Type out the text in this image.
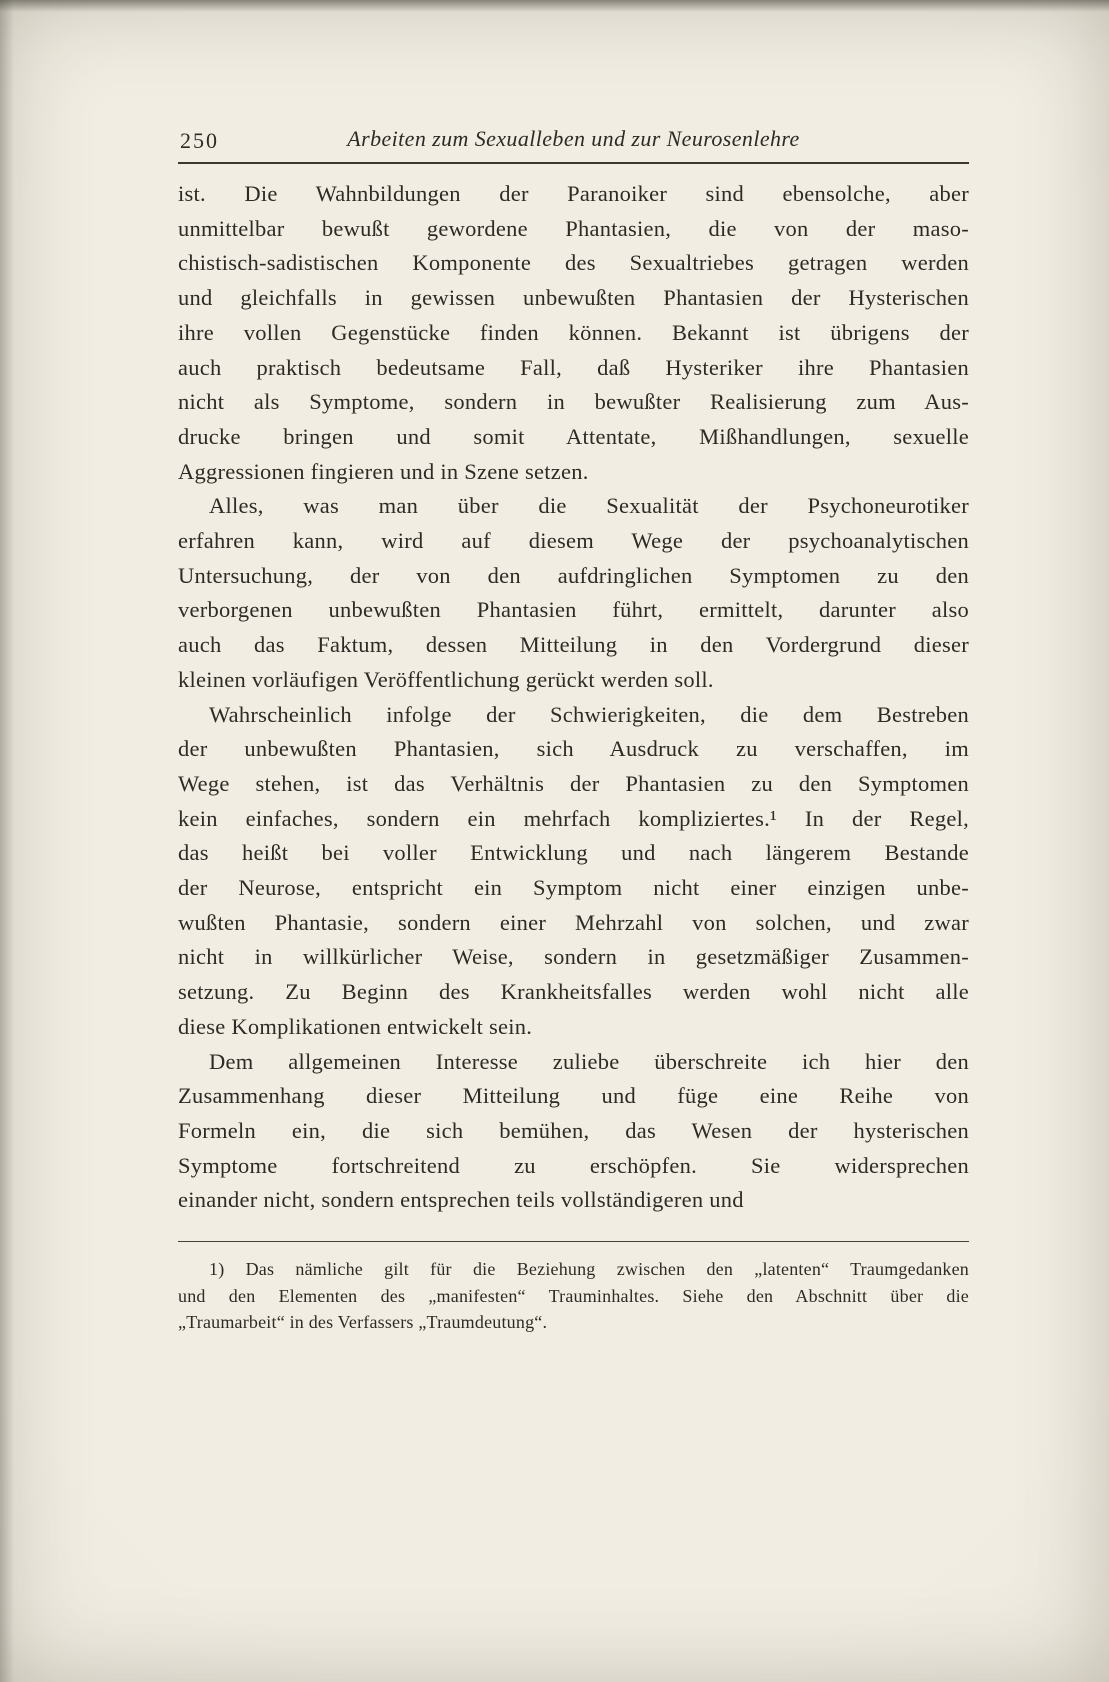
250	Arbeiten zum Sexualleben und zur Neurosenlehre
ist. Die Wahnbildungen der Paranoiker sind ebensolche, aber
unmittelbar bewußt gewordene Phantasien, die von der maso-
chistisch-sadistischen Komponente des Sexualtriebes getragen werden
und gleichfalls in gewissen unbewußten Phantasien der Hysterischen
ihre vollen Gegenstücke finden können. Bekannt ist übrigens der
auch praktisch bedeutsame Fall, daß Hysteriker ihre Phantasien
nicht als Symptome, sondern in bewußter Realisierung zum Aus-
drucke bringen und somit Attentate, Mißhandlungen, sexuelle
Aggressionen fingieren und in Szene setzen.
Alles, was man über die Sexualität der Psychoneurotiker
erfahren kann, wird auf diesem Wege der psychoanalytischen
Untersuchung, der von den aufdringlichen Symptomen zu den
verborgenen unbewußten Phantasien führt, ermittelt, darunter also
auch das Faktum, dessen Mitteilung in den Vordergrund dieser
kleinen vorläufigen Veröffentlichung gerückt werden soll.
Wahrscheinlich infolge der Schwierigkeiten, die dem Bestreben
der unbewußten Phantasien, sich Ausdruck zu verschaffen, im
Wege stehen, ist das Verhältnis der Phantasien zu den Symptomen
kein einfaches, sondern ein mehrfach kompliziertes.¹ In der Regel,
das heißt bei voller Entwicklung und nach längerem Bestande
der Neurose, entspricht ein Symptom nicht einer einzigen unbe-
wußten Phantasie, sondern einer Mehrzahl von solchen, und zwar
nicht in willkürlicher Weise, sondern in gesetzmäßiger Zusammen-
setzung. Zu Beginn des Krankheitsfalles werden wohl nicht alle
diese Komplikationen entwickelt sein.
Dem allgemeinen Interesse zuliebe überschreite ich hier den
Zusammenhang dieser Mitteilung und füge eine Reihe von
Formeln ein, die sich bemühen, das Wesen der hysterischen
Symptome fortschreitend zu erschöpfen. Sie widersprechen
einander nicht, sondern entsprechen teils vollständigeren und
1) Das nämliche gilt für die Beziehung zwischen den „latenten“ Traumgedanken
und den Elementen des „manifesten“ Trauminhaltes. Siehe den Abschnitt über die
„Traumarbeit“ in des Verfassers „Traumdeutung“.
